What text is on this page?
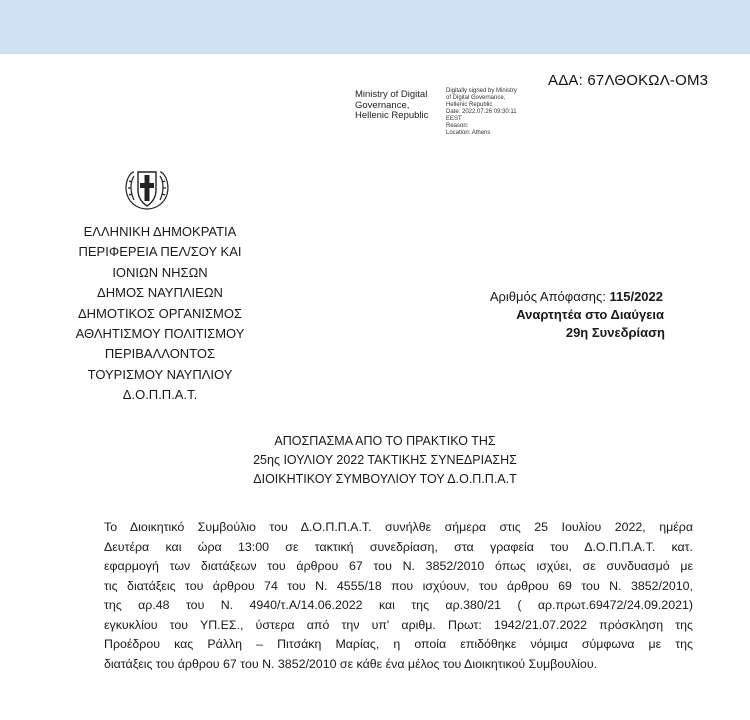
ΑΔΑ: 67ΛΘΟΚΩΛ-ΟΜ3
Ministry of Digital
Governance,
Hellenic Republic
Digitally signed by Ministry
of Digital Governance,
Hellenic Republic
Date: 2022.07.26 09:30:11
EEST
Reason:
Location: Athens
ΕΛΛΗΝΙΚΗ ΔΗΜΟΚΡΑΤΙΑ
ΠΕΡΙΦΕΡΕΙΑ ΠΕΛ/ΣΟΥ ΚΑΙ
ΙΟΝΙΩΝ ΝΗΣΩΝ
ΔΗΜΟΣ ΝΑΥΠΛΙΕΩΝ
ΔΗΜΟΤΙΚΟΣ ΟΡΓΑΝΙΣΜΟΣ
ΑΘΛΗΤΙΣΜΟΥ ΠΟΛΙΤΙΣΜΟΥ
ΠΕΡΙΒΑΛΛΟΝΤΟΣ
ΤΟΥΡΙΣΜΟΥ ΝΑΥΠΛΙΟΥ
Δ.Ο.Π.Π.Α.Τ.
Αριθμός Απόφασης: 115/2022
Αναρτητέα στο Διαύγεια
29η Συνεδρίαση
ΑΠΟΣΠΑΣΜΑ ΑΠΟ ΤΟ ΠΡΑΚΤΙΚΟ ΤΗΣ
25ης ΙΟΥΛΙΟΥ 2022 ΤΑΚΤΙΚΗΣ ΣΥΝΕΔΡΙΑΣΗΣ
ΔΙΟΙΚΗΤΙΚΟΥ ΣΥΜΒΟΥΛΙΟΥ ΤΟΥ Δ.Ο.Π.Π.Α.Τ
Το Διοικητικό Συμβούλιο του Δ.Ο.Π.Π.Α.Τ. συνήλθε σήμερα στις 25 Ιουλίου 2022, ημέρα
Δευτέρα και ώρα 13:00 σε τακτική συνεδρίαση, στα γραφεία του Δ.Ο.Π.Π.Α.Τ. κατ.
εφαρμογή των διατάξεων του άρθρου 67 του Ν. 3852/2010 όπως ισχύει, σε συνδυασμό με
τις διατάξεις του άρθρου 74 του Ν. 4555/18 που ισχύουν, του άρθρου 69 του Ν. 3852/2010,
της αρ.48 του Ν. 4940/τ.Α/14.06.2022 και της αρ.380/21 ( αρ.πρωτ.69472/24.09.2021)
εγκυκλίου του ΥΠ.ΕΣ., ύστερα από την υπ' αριθμ. Πρωτ: 1942/21.07.2022 πρόσκληση της
Προέδρου κας Ράλλη – Πιτσάκη Μαρίας, η οποία επιδόθηκε νόμιμα σύμφωνα με της
διατάξεις του άρθρου 67 του Ν. 3852/2010 σε κάθε ένα μέλος του Διοικητικού Συμβουλίου.
